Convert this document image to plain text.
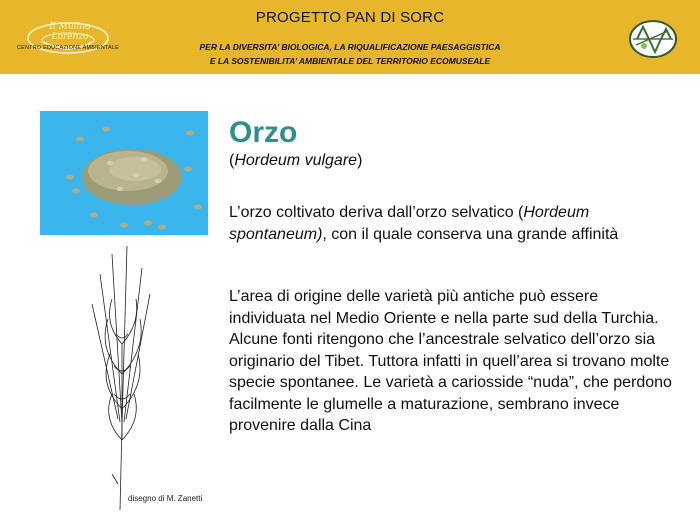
Il Mulino Lorenzo
CENTRO EDUCAZIONE AMBIENTALE
PROGETTO PAN DI SORC
PER LA DIVERSITA’ BIOLOGICA, LA RIQUALIFICAZIONE PAESAGGISTICA
E LA SOSTENIBILITA’ AMBIENTALE DEL TERRITORIO ECOMUSEALE
disegno di M. Zanetti
Orzo
(Hordeum vulgare)

L’orzo coltivato deriva dall’orzo selvatico (Hordeum spontaneum), con il quale conserva una grande affinità

L’area di origine delle varietà più antiche può essere individuata nel Medio Oriente e nella parte sud della Turchia. Alcune fonti ritengono che l’ancestrale selvatico dell’orzo sia originario del Tibet. Tuttora infatti in quell’area si trovano molte specie spontanee. Le varietà a cariosside “nuda”, che perdono facilmente le glumelle a maturazione, sembrano invece provenire dalla Cina
